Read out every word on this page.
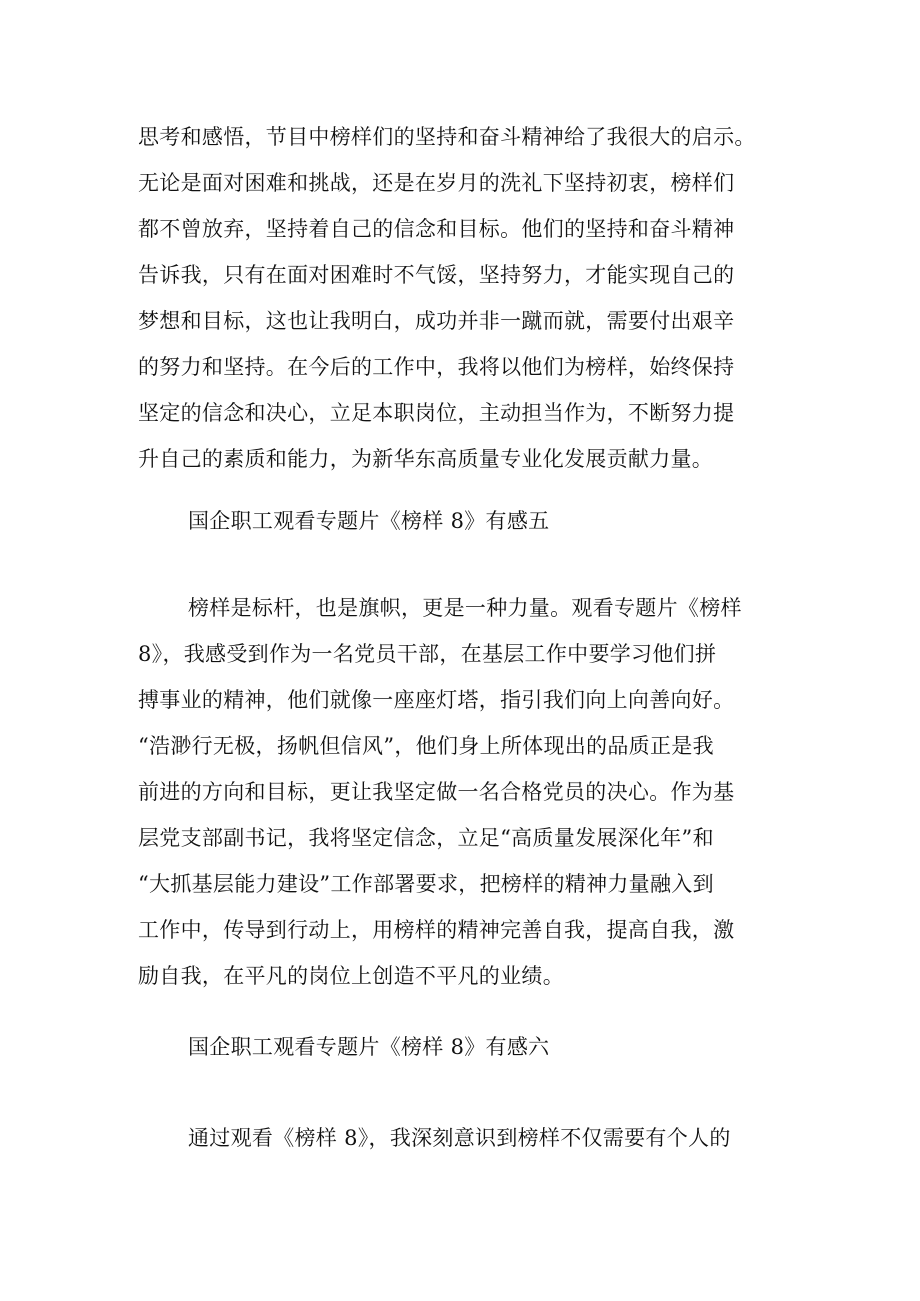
思考和感悟，节目中榜样们的坚持和奋斗精神给了我很大的启示。
无论是面对困难和挑战，还是在岁月的洗礼下坚持初衷，榜样们
都不曾放弃，坚持着自己的信念和目标。他们的坚持和奋斗精神
告诉我，只有在面对困难时不气馁，坚持努力，才能实现自己的
梦想和目标，这也让我明白，成功并非一蹴而就，需要付出艰辛
的努力和坚持。在今后的工作中，我将以他们为榜样，始终保持
坚定的信念和决心，立足本职岗位，主动担当作为，不断努力提
升自己的素质和能力，为新华东高质量专业化发展贡献力量。
国企职工观看专题片《榜样 8》有感五
榜样是标杆，也是旗帜，更是一种力量。观看专题片《榜样
8》，我感受到作为一名党员干部，在基层工作中要学习他们拼
搏事业的精神，他们就像一座座灯塔，指引我们向上向善向好。
“浩渺行无极，扬帆但信风”，他们身上所体现出的品质正是我
前进的方向和目标，更让我坚定做一名合格党员的决心。作为基
层党支部副书记，我将坚定信念，立足“高质量发展深化年”和
“大抓基层能力建设”工作部署要求，把榜样的精神力量融入到
工作中，传导到行动上，用榜样的精神完善自我，提高自我，激
励自我，在平凡的岗位上创造不平凡的业绩。
国企职工观看专题片《榜样 8》有感六
通过观看《榜样 8》，我深刻意识到榜样不仅需要有个人的
